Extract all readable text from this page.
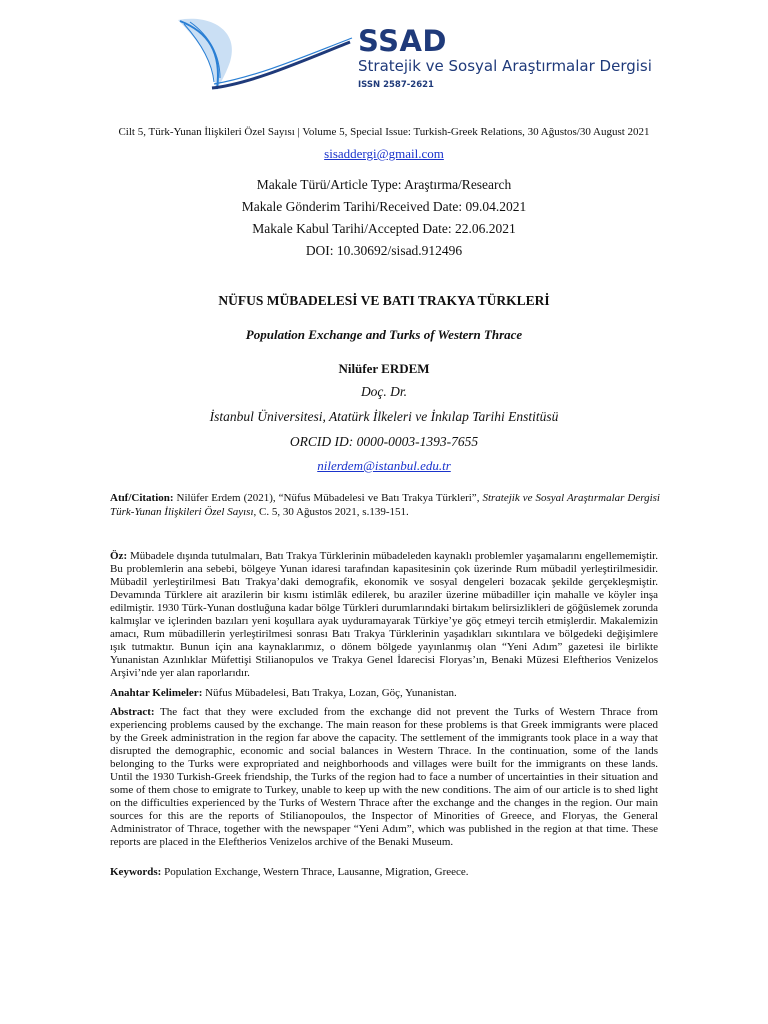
SSAD
Stratejik ve Sosyal Araştırmalar Dergisi
ISSN 2587-2621
Cilt 5, Türk-Yunan İlişkileri Özel Sayısı | Volume 5, Special Issue: Turkish-Greek Relations, 30 Ağustos/30 August 2021
sisaddergi@gmail.com
Makale Türü/Article Type: Araştırma/Research
Makale Gönderim Tarihi/Received Date: 09.04.2021
Makale Kabul Tarihi/Accepted Date: 22.06.2021
DOI: 10.30692/sisad.912496
NÜFUS MÜBADELESİ VE BATI TRAKYA TÜRKLERİ
Population Exchange and Turks of Western Thrace
Nilüfer ERDEM
Doç. Dr.
İstanbul Üniversitesi, Atatürk İlkeleri ve İnkılap Tarihi Enstitüsü
ORCID ID: 0000-0003-1393-7655
nilerdem@istanbul.edu.tr
Atıf/Citation: Nilüfer Erdem (2021), “Nüfus Mübadelesi ve Batı Trakya Türkleri”, Stratejik ve Sosyal Araştırmalar Dergisi Türk-Yunan İlişkileri Özel Sayısı, C. 5, 30 Ağustos 2021, s.139-151.
Öz: Mübadele dışında tutulmaları, Batı Trakya Türklerinin mübadeleden kaynaklı problemler yaşamalarını engellememiştir. Bu problemlerin ana sebebi, bölgeye Yunan idaresi tarafından kapasitesinin çok üzerinde Rum mübadil yerleştirilmesidir. Mübadil yerleştirilmesi Batı Trakya’daki demografik, ekonomik ve sosyal dengeleri bozacak şekilde gerçekleşmiştir. Devamında Türklere ait arazilerin bir kısmı istimlâk edilerek, bu araziler üzerine mübadiller için mahalle ve köyler inşa edilmiştir. 1930 Türk-Yunan dostluğuna kadar bölge Türkleri durumlarındaki birtakım belirsizlikleri de göğüslemek zorunda kalmışlar ve içlerinden bazıları yeni koşullara ayak uyduramayarak Türkiye’ye göç etmeyi tercih etmişlerdir. Makalemizin amacı, Rum mübadillerin yerleştirilmesi sonrası Batı Trakya Türklerinin yaşadıkları sıkıntılara ve bölgedeki değişimlere ışık tutmaktır. Bunun için ana kaynaklarımız, o dönem bölgede yayınlanmış olan “Yeni Adım” gazetesi ile birlikte Yunanistan Azınlıklar Müfettişi Stilianopulos ve Trakya Genel İdarecisi Floryas’ın, Benaki Müzesi Eleftherios Venizelos Arşivi’nde yer alan raporlarıdır.
Anahtar Kelimeler: Nüfus Mübadelesi, Batı Trakya, Lozan, Göç, Yunanistan.
Abstract: The fact that they were excluded from the exchange did not prevent the Turks of Western Thrace from experiencing problems caused by the exchange. The main reason for these problems is that Greek immigrants were placed by the Greek administration in the region far above the capacity. The settlement of the immigrants took place in a way that disrupted the demographic, economic and social balances in Western Thrace. In the continuation, some of the lands belonging to the Turks were expropriated and neighborhoods and villages were built for the immigrants on these lands. Until the 1930 Turkish-Greek friendship, the Turks of the region had to face a number of uncertainties in their situation and some of them chose to emigrate to Turkey, unable to keep up with the new conditions. The aim of our article is to shed light on the difficulties experienced by the Turks of Western Thrace after the exchange and the changes in the region. Our main sources for this are the reports of Stilianopoulos, the Inspector of Minorities of Greece, and Floryas, the General Administrator of Thrace, together with the newspaper “Yeni Adım”, which was published in the region at that time. These reports are placed in the Eleftherios Venizelos archive of the Benaki Museum.
Keywords: Population Exchange, Western Thrace, Lausanne, Migration, Greece.
